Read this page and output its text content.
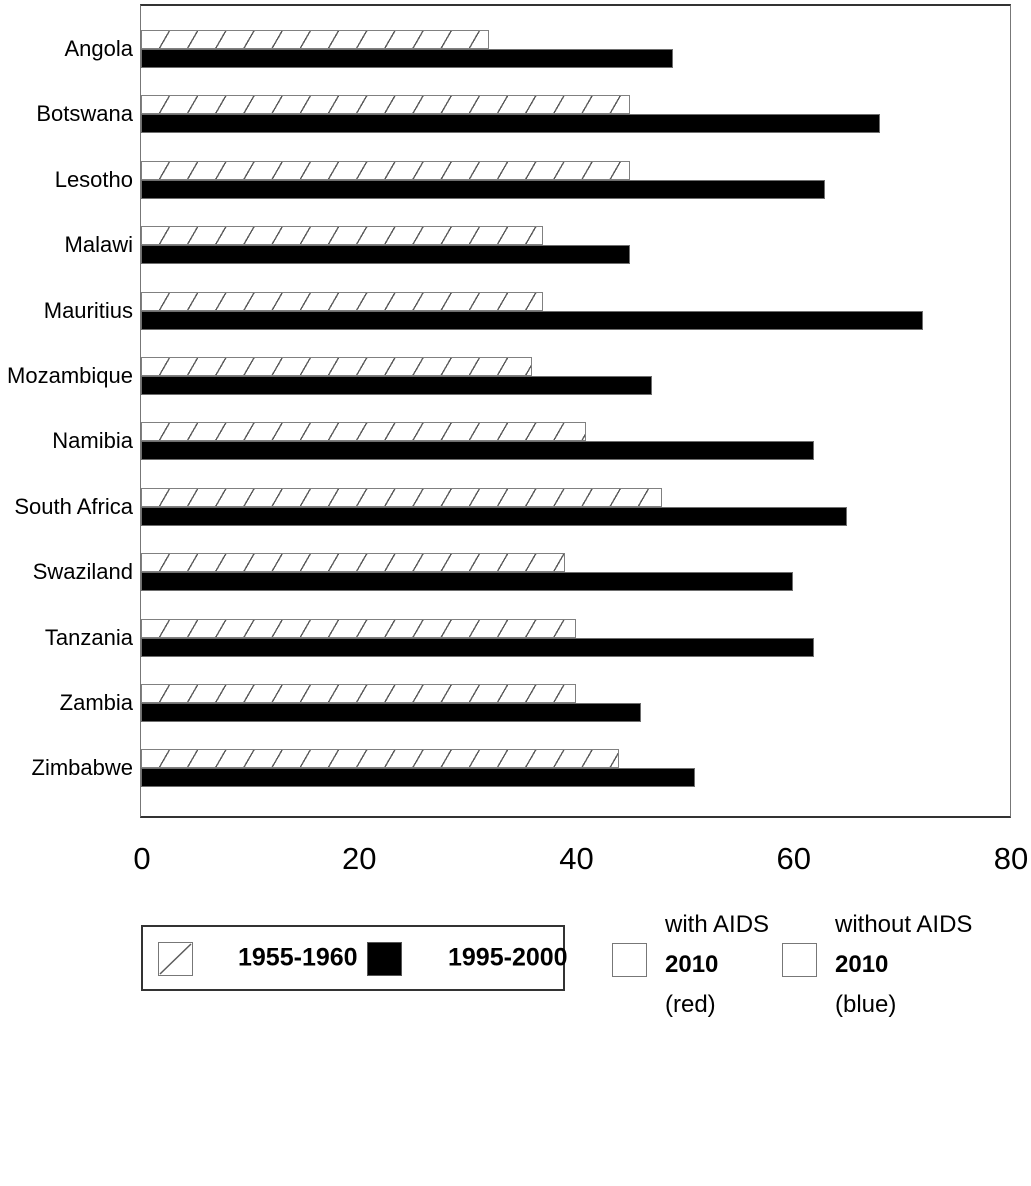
Angola
Botswana
Lesotho
Malawi
Mauritius
Mozambique
Namibia
South Africa
Swaziland
Tanzania
Zambia
Zimbabwe
0	20	40	60	80
1955-1960	1995-2000
with AIDS
2010
(red)
without AIDS
2010
(blue)
